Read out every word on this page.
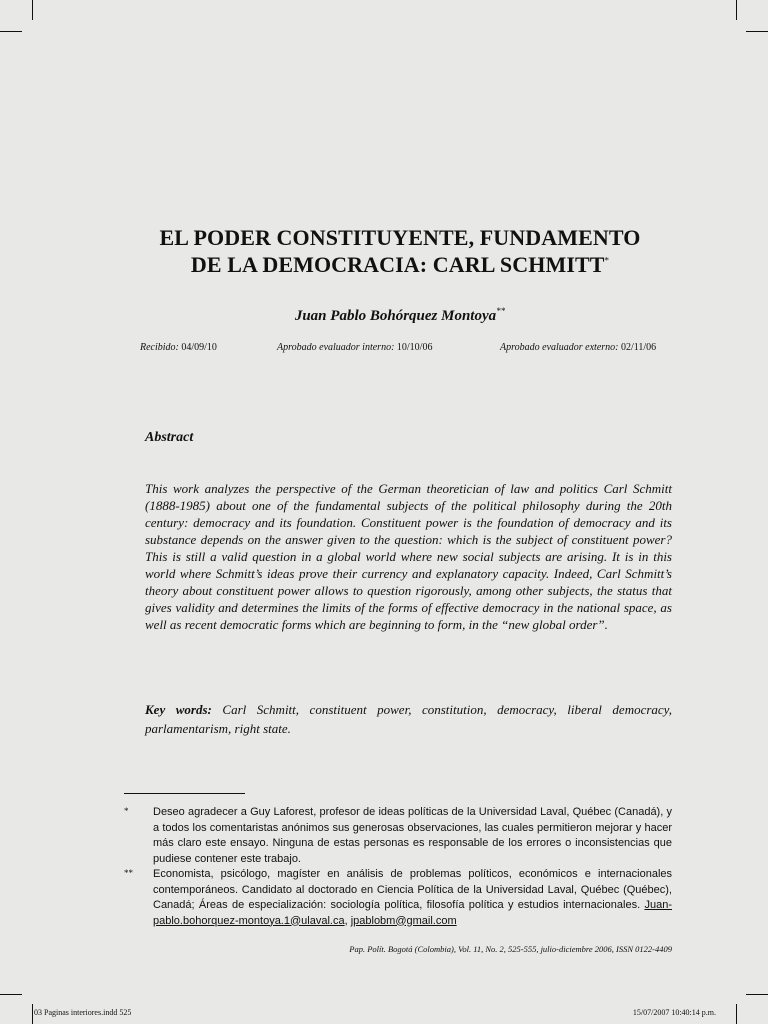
EL PODER CONSTITUYENTE, FUNDAMENTO
DE LA DEMOCRACIA: CARL SCHMITT*
Juan Pablo Bohórquez Montoya**
Recibido: 04/09/10	Aprobado evaluador interno: 10/10/06	Aprobado evaluador externo: 02/11/06
Abstract
This work analyzes the perspective of the German theoretician of law and politics Carl Schmitt (1888-1985) about one of the fundamental subjects of the political philosophy during the 20th century: democracy and its foundation. Constituent power is the foundation of democracy and its substance depends on the answer given to the question: which is the subject of constituent power? This is still a valid question in a global world where new social subjects are arising. It is in this world where Schmitt’s ideas prove their currency and explanatory capacity. Indeed, Carl Schmitt’s theory about constituent power allows to question rigorously, among other subjects, the status that gives validity and determines the limits of the forms of effective democracy in the national space, as well as recent democratic forms which are beginning to form, in the “new global order”.
Key words: Carl Schmitt, constituent power, constitution, democracy, liberal democracy, parlamentarism, right state.
* Deseo agradecer a Guy Laforest, profesor de ideas políticas de la Universidad Laval, Québec (Canadá), y a todos los comentaristas anónimos sus generosas observaciones, las cuales permitieron mejorar y hacer más claro este ensayo. Ninguna de estas personas es responsable de los errores o inconsistencias que pudiese contener este trabajo.
** Economista, psicólogo, magíster en análisis de problemas políticos, económicos e internacionales contemporáneos. Candidato al doctorado en Ciencia Política de la Universidad Laval, Québec (Québec), Canadá; Áreas de especialización: sociología política, filosofía política y estudios internacionales. Juan-pablo.bohorquez-montoya.1@ulaval.ca, jpablobm@gmail.com
Pap. Polít. Bogotá (Colombia), Vol. 11, No. 2, 525-555, julio-diciembre 2006, ISSN 0122-4409
03 Paginas interiores.indd 525	15/07/2007 10:40:14 p.m.
